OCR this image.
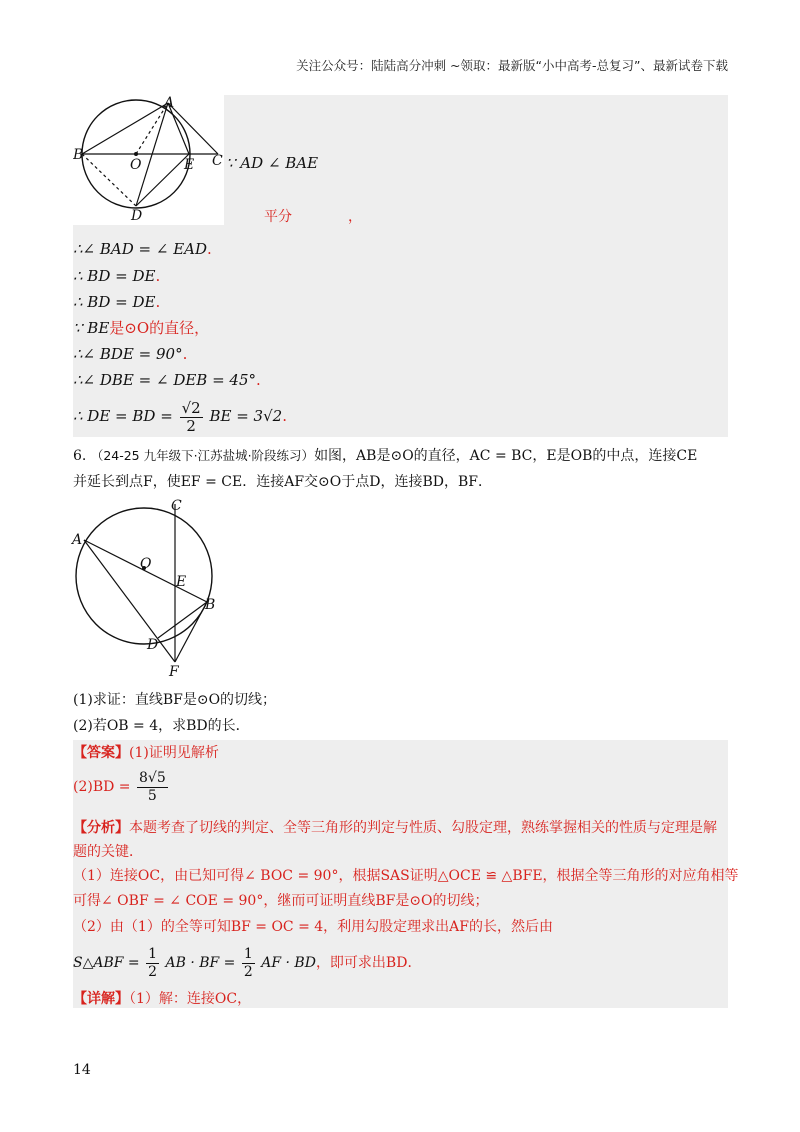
关注公众号：陆陆高分冲刺 ~领取：最新版“小中高考-总复习”、最新试卷下载
A
B
O	E C
D
∵ AD ∠ BAE
平分	，
∴∠ BAD = ∠ EAD.
∴ BD = DE.
∴ BD = DE.
∵ BE是⊙O的直径，
∴∠ BDE = 90°.
∴∠ DBE = ∠ DEB = 45°.
∴ DE = BD = $\frac{√2}{2}$ BE = 3√2.
6. （24-25 九年级下·江苏盐城·阶段练习）如图，AB是⊙O的直径，AC = BC，E是OB的中点，连接CE
并延长到点F，使EF = CE．连接AF交⊙O于点D，连接BD，BF．
C
A
O
E
B
D
F
(1)求证：直线BF是⊙O的切线；
(2)若OB = 4，求BD的长．
【答案】(1)证明见解析
$(2)BD = \frac{8√5}{5}$
【分析】本题考查了切线的判定、全等三角形的判定与性质、勾股定理，熟练掌握相关的性质与定理是解
题的关键．
（1）连接OC，由已知可得∠ BOC = 90°，根据SAS证明△OCE ≌ △BFE，根据全等三角形的对应角相等
可得∠ OBF = ∠ COE = 90°，继而可证明直线BF是⊙O的切线；
（2）由（1）的全等可知BF = OC = 4，利用勾股定理求出AF的长，然后由
S△ABF = $\frac{1}{2}$ AB · BF = $\frac{1}{2}$ AF · BD，即可求出BD．
【详解】（1）解：连接OC，
14
